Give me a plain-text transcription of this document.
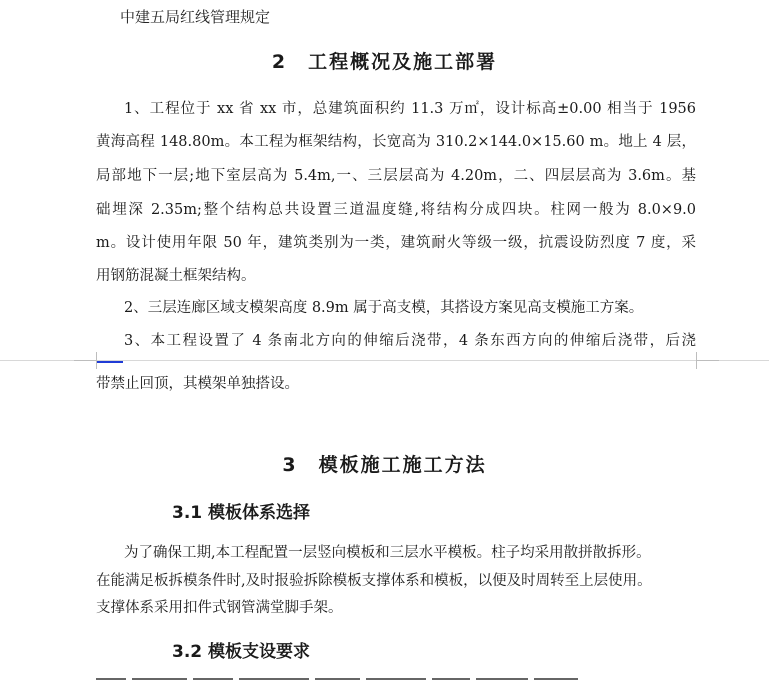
中建五局红线管理规定
2　工程概况及施工部署
1、工程位于 xx 省 xx 市，总建筑面积约 11.3 万㎡，设计标高±0.00 相当于 1956
黄海高程 148.80m。本工程为框架结构，长宽高为 310.2×144.0×15.60 m。地上 4 层，
局部地下一层;地下室层高为 5.4m,一、三层层高为 4.20m，二、四层层高为 3.6m。基
础埋深 2.35m;整个结构总共设置三道温度缝,将结构分成四块。柱网一般为 8.0×9.0
m。设计使用年限 50 年，建筑类别为一类，建筑耐火等级一级，抗震设防烈度 7 度，采
用钢筋混凝土框架结构。
2、三层连廊区域支模架高度 8.9m 属于高支模，其搭设方案见高支模施工方案。
3、本工程设置了 4 条南北方向的伸缩后浇带，4 条东西方向的伸缩后浇带，后浇
带禁止回顶，其模架单独搭设。
3　模板施工施工方法
3.1 模板体系选择
为了确保工期,本工程配置一层竖向模板和三层水平模板。柱子均采用散拼散拆形。
在能满足板拆模条件时,及时报验拆除模板支撑体系和模板，以便及时周转至上层使用。
支撑体系采用扣件式钢管满堂脚手架。
3.2 模板支设要求
